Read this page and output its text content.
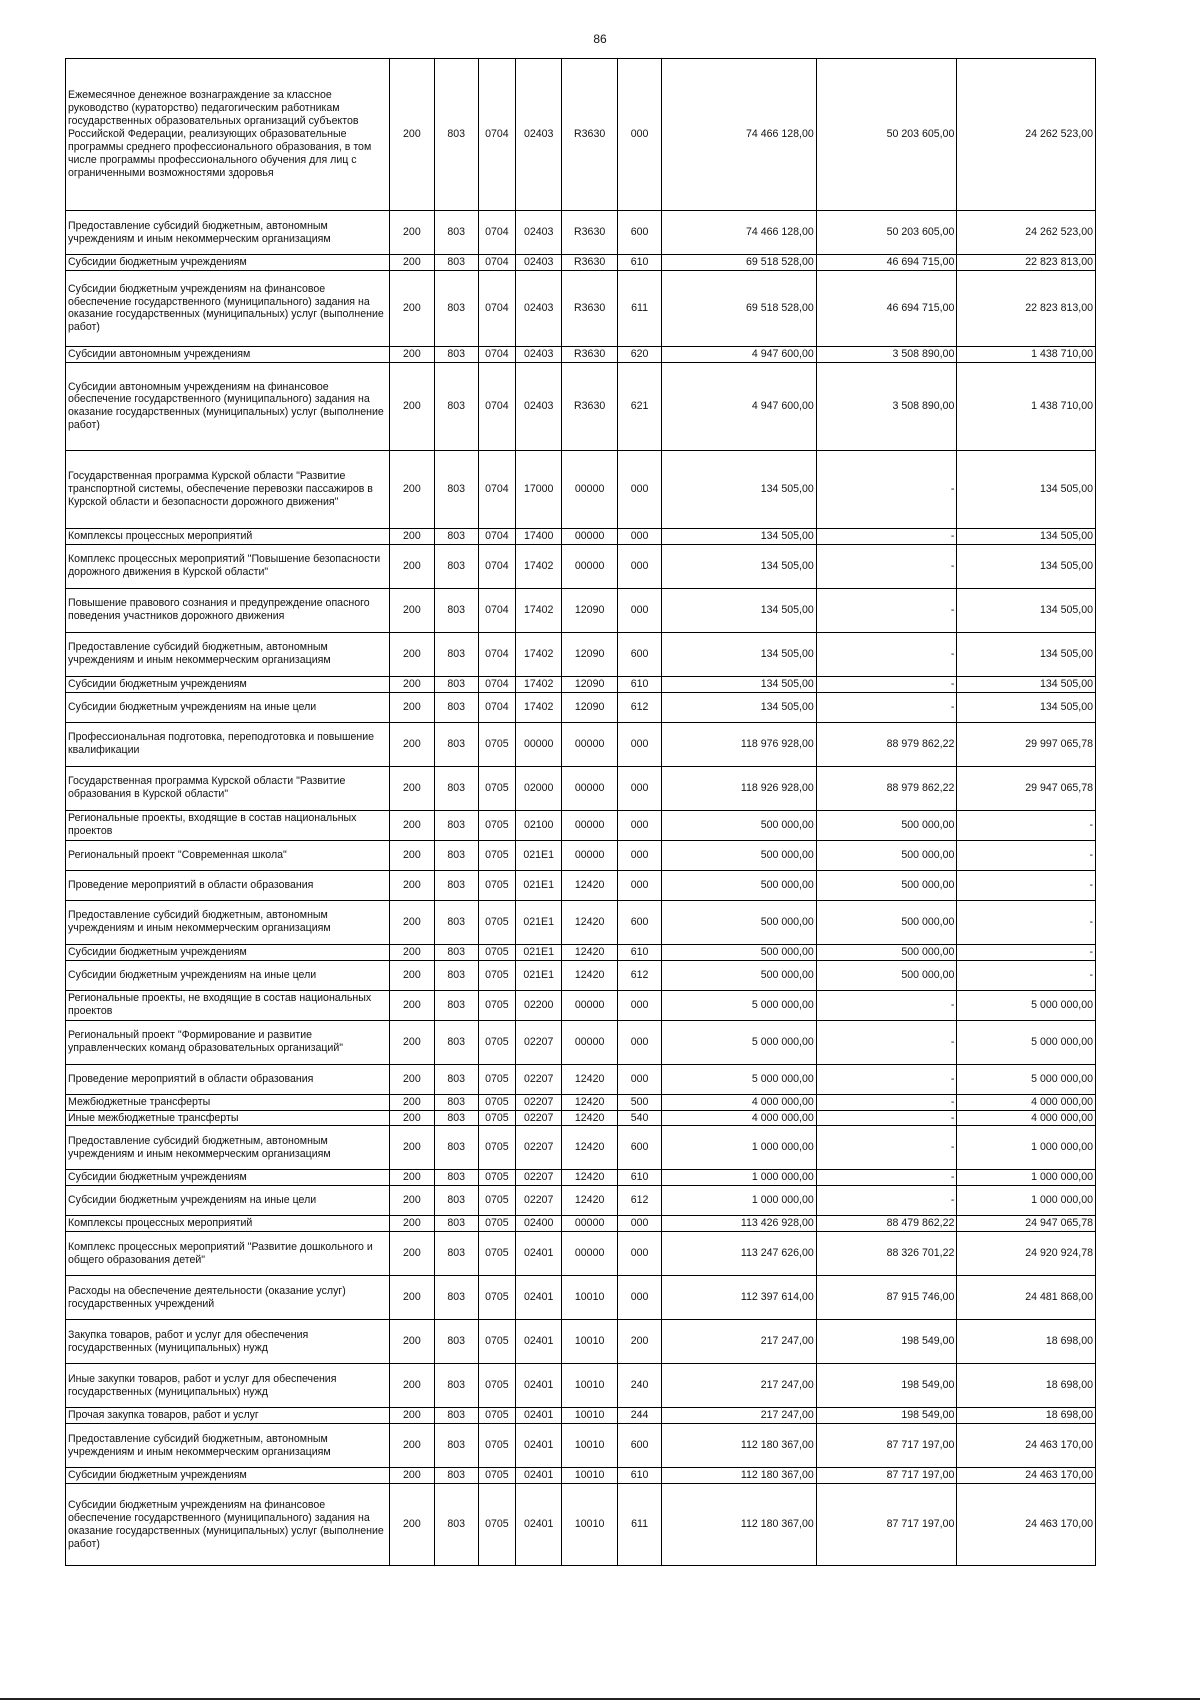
86
Ежемесячное денежное вознаграждение за классное руководство (кураторство) педагогическим работникам государственных образовательных организаций субъектов Российской Федерации, реализующих образовательные программы среднего профессионального образования, в том числе программы профессионального обучения для лиц с ограниченными возможностями здоровья	200	803	0704	02403	R3630	000	74 466 128,00	50 203 605,00	24 262 523,00
Предоставление субсидий бюджетным, автономным учреждениям и иным некоммерческим организациям	200	803	0704	02403	R3630	600	74 466 128,00	50 203 605,00	24 262 523,00
Субсидии бюджетным учреждениям	200	803	0704	02403	R3630	610	69 518 528,00	46 694 715,00	22 823 813,00
Субсидии бюджетным учреждениям на финансовое обеспечение государственного (муниципального) задания на оказание государственных (муниципальных) услуг (выполнение работ)	200	803	0704	02403	R3630	611	69 518 528,00	46 694 715,00	22 823 813,00
Субсидии автономным учреждениям	200	803	0704	02403	R3630	620	4 947 600,00	3 508 890,00	1 438 710,00
Субсидии автономным учреждениям на финансовое обеспечение государственного (муниципального) задания на оказание государственных (муниципальных) услуг (выполнение работ)	200	803	0704	02403	R3630	621	4 947 600,00	3 508 890,00	1 438 710,00
Государственная программа Курской области "Развитие транспортной системы, обеспечение перевозки пассажиров в Курской области и безопасности дорожного движения"	200	803	0704	17000	00000	000	134 505,00	-	134 505,00
Комплексы процессных мероприятий	200	803	0704	17400	00000	000	134 505,00	-	134 505,00
Комплекс процессных мероприятий "Повышение безопасности дорожного движения в Курской области"	200	803	0704	17402	00000	000	134 505,00	-	134 505,00
Повышение правового сознания и предупреждение опасного поведения участников дорожного движения	200	803	0704	17402	12090	000	134 505,00	-	134 505,00
Предоставление субсидий бюджетным, автономным учреждениям и иным некоммерческим организациям	200	803	0704	17402	12090	600	134 505,00	-	134 505,00
Субсидии бюджетным учреждениям	200	803	0704	17402	12090	610	134 505,00	-	134 505,00
Субсидии бюджетным учреждениям на иные цели	200	803	0704	17402	12090	612	134 505,00	-	134 505,00
Профессиональная подготовка, переподготовка и повышение квалификации	200	803	0705	00000	00000	000	118 976 928,00	88 979 862,22	29 997 065,78
Государственная программа Курской области "Развитие образования в Курской области"	200	803	0705	02000	00000	000	118 926 928,00	88 979 862,22	29 947 065,78
Региональные проекты, входящие в состав национальных проектов	200	803	0705	02100	00000	000	500 000,00	500 000,00	-
Региональный проект "Современная школа"	200	803	0705	021E1	00000	000	500 000,00	500 000,00	-
Проведение мероприятий в области образования	200	803	0705	021E1	12420	000	500 000,00	500 000,00	-
Предоставление субсидий бюджетным, автономным учреждениям и иным некоммерческим организациям	200	803	0705	021E1	12420	600	500 000,00	500 000,00	-
Субсидии бюджетным учреждениям	200	803	0705	021E1	12420	610	500 000,00	500 000,00	-
Субсидии бюджетным учреждениям на иные цели	200	803	0705	021E1	12420	612	500 000,00	500 000,00	-
Региональные проекты, не входящие в состав национальных проектов	200	803	0705	02200	00000	000	5 000 000,00	-	5 000 000,00
Региональный проект "Формирование и развитие управленческих команд образовательных организаций"	200	803	0705	02207	00000	000	5 000 000,00	-	5 000 000,00
Проведение мероприятий в области образования	200	803	0705	02207	12420	000	5 000 000,00	-	5 000 000,00
Межбюджетные трансферты	200	803	0705	02207	12420	500	4 000 000,00	-	4 000 000,00
Иные межбюджетные трансферты	200	803	0705	02207	12420	540	4 000 000,00	-	4 000 000,00
Предоставление субсидий бюджетным, автономным учреждениям и иным некоммерческим организациям	200	803	0705	02207	12420	600	1 000 000,00	-	1 000 000,00
Субсидии бюджетным учреждениям	200	803	0705	02207	12420	610	1 000 000,00	-	1 000 000,00
Субсидии бюджетным учреждениям на иные цели	200	803	0705	02207	12420	612	1 000 000,00	-	1 000 000,00
Комплексы процессных мероприятий	200	803	0705	02400	00000	000	113 426 928,00	88 479 862,22	24 947 065,78
Комплекс процессных мероприятий "Развитие дошкольного и общего образования детей"	200	803	0705	02401	00000	000	113 247 626,00	88 326 701,22	24 920 924,78
Расходы на обеспечение деятельности (оказание услуг) государственных учреждений	200	803	0705	02401	10010	000	112 397 614,00	87 915 746,00	24 481 868,00
Закупка товаров, работ и услуг для обеспечения государственных (муниципальных) нужд	200	803	0705	02401	10010	200	217 247,00	198 549,00	18 698,00
Иные закупки товаров, работ и услуг для обеспечения государственных (муниципальных) нужд	200	803	0705	02401	10010	240	217 247,00	198 549,00	18 698,00
Прочая закупка товаров, работ и услуг	200	803	0705	02401	10010	244	217 247,00	198 549,00	18 698,00
Предоставление субсидий бюджетным, автономным учреждениям и иным некоммерческим организациям	200	803	0705	02401	10010	600	112 180 367,00	87 717 197,00	24 463 170,00
Субсидии бюджетным учреждениям	200	803	0705	02401	10010	610	112 180 367,00	87 717 197,00	24 463 170,00
Субсидии бюджетным учреждениям на финансовое обеспечение государственного (муниципального) задания на оказание государственных (муниципальных) услуг (выполнение работ)	200	803	0705	02401	10010	611	112 180 367,00	87 717 197,00	24 463 170,00
